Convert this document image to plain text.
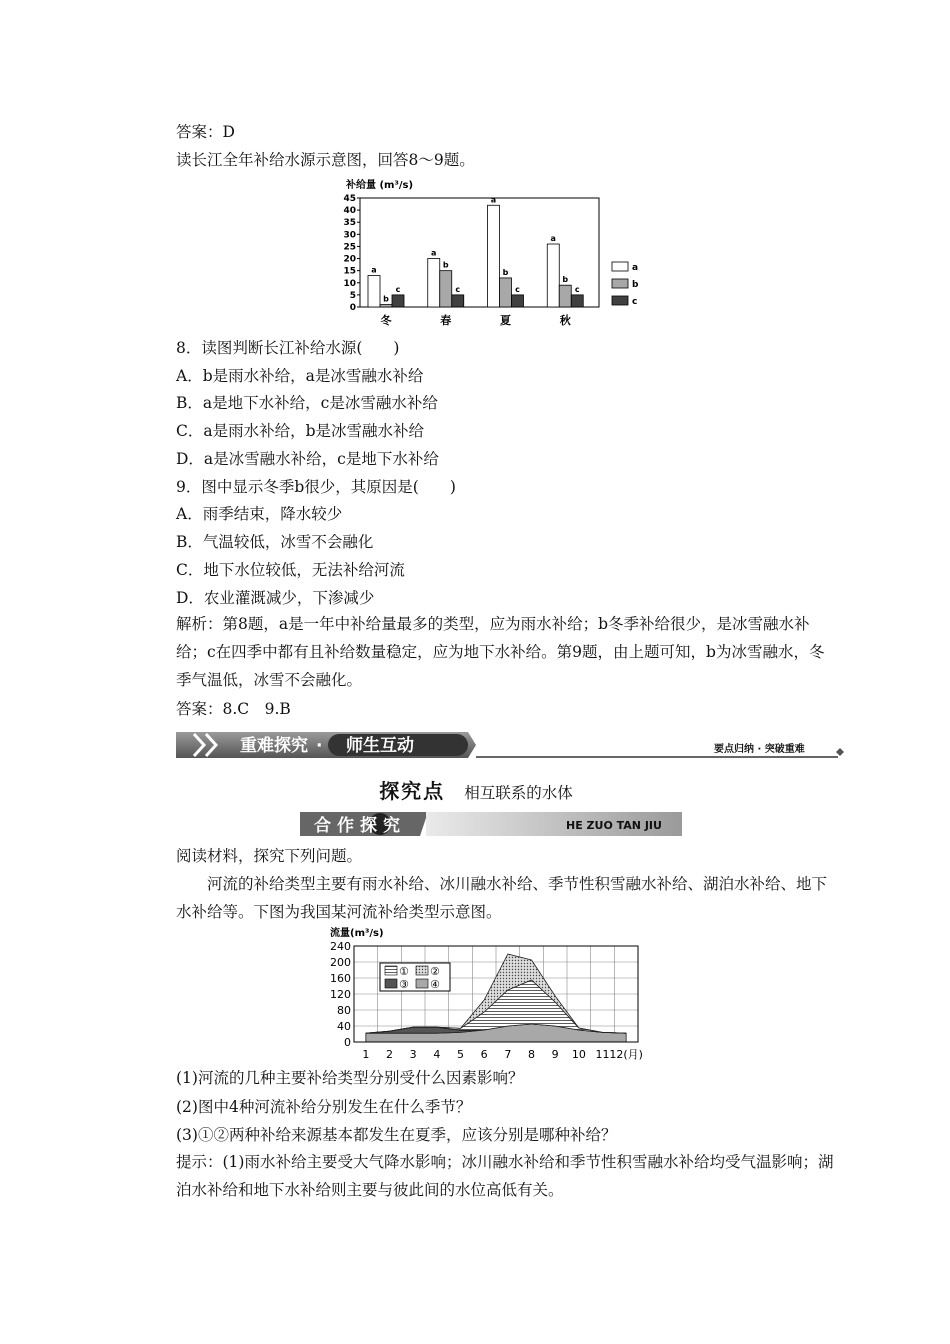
答案：D
读长江全年补给水源示意图，回答8～9题。
补给量 (m³/s)
0
5
10
15
20
25
30
35
40
45
a
b
c
a
b
c
a
b
c
a
b
c
冬	春	夏	秋
a
b
c
8．读图判断长江补给水源(　　)
A．b是雨水补给，a是冰雪融水补给
B．a是地下水补给，c是冰雪融水补给
C．a是雨水补给，b是冰雪融水补给
D．a是冰雪融水补给，c是地下水补给
9．图中显示冬季b很少，其原因是(　　)
A．雨季结束，降水较少
B．气温较低，冰雪不会融化
C．地下水位较低，无法补给河流
D．农业灌溉减少，下渗减少
解析：第8题，a是一年中补给量最多的类型，应为雨水补给；b冬季补给很少，是冰雪融水补给；c在四季中都有且补给数量稳定，应为地下水补给。第9题，由上题可知，b为冰雪融水，冬季气温低，冰雪不会融化。
答案：8.C　9.B
重难探究 · 师生互动	要点归纳 · 突破重难
探究点 相互联系的水体
合作探究	HE ZUO TAN JIU
阅读材料，探究下列问题。
河流的补给类型主要有雨水补给、冰川融水补给、季节性积雪融水补给、湖泊水补给、地下水补给等。下图为我国某河流补给类型示意图。
流量(m³/s)
0
40
80
120
160
200
240
1 2 3 4 5 6 7 8 9 10 11 12(月)
① ②
③ ④
(1)河流的几种主要补给类型分别受什么因素影响？
(2)图中4种河流补给分别发生在什么季节？
(3)①②两种补给来源基本都发生在夏季，应该分别是哪种补给？
提示：(1)雨水补给主要受大气降水影响；冰川融水补给和季节性积雪融水补给均受气温影响；湖泊水补给和地下水补给则主要与彼此间的水位高低有关。
